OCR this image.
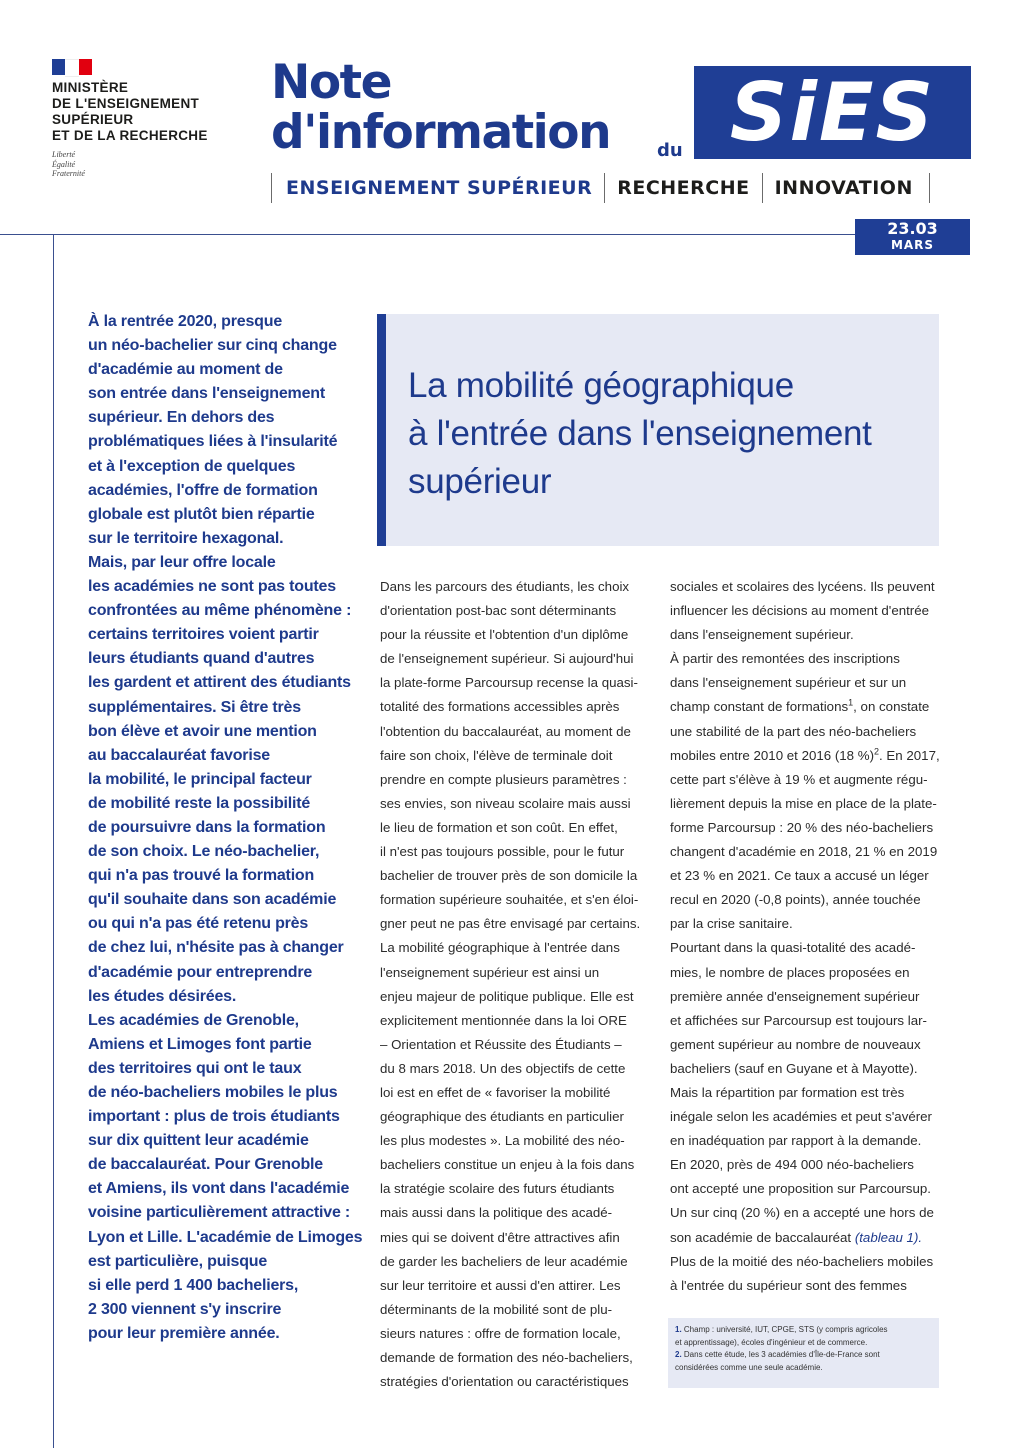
MINISTÈRE
DE L'ENSEIGNEMENT
SUPÉRIEUR
ET DE LA RECHERCHE
Liberté
Égalité
Fraternité
Note
d'information	du SiES
ENSEIGNEMENT SUPÉRIEUR RECHERCHE INNOVATION
23.03
MARS
À la rentrée 2020, presque
un néo-bachelier sur cinq change
d'académie au moment de
son entrée dans l'enseignement
supérieur. En dehors des
problématiques liées à l'insularité
et à l'exception de quelques
académies, l'offre de formation
globale est plutôt bien répartie
sur le territoire hexagonal.
Mais, par leur offre locale
les académies ne sont pas toutes
confrontées au même phénomène :
certains territoires voient partir
leurs étudiants quand d'autres
les gardent et attirent des étudiants
supplémentaires. Si être très
bon élève et avoir une mention
au baccalauréat favorise
la mobilité, le principal facteur
de mobilité reste la possibilité
de poursuivre dans la formation
de son choix. Le néo-bachelier,
qui n'a pas trouvé la formation
qu'il souhaite dans son académie
ou qui n'a pas été retenu près
de chez lui, n'hésite pas à changer
d'académie pour entreprendre
les études désirées.
Les académies de Grenoble,
Amiens et Limoges font partie
des territoires qui ont le taux
de néo-bacheliers mobiles le plus
important : plus de trois étudiants
sur dix quittent leur académie
de baccalauréat. Pour Grenoble
et Amiens, ils vont dans l'académie
voisine particulièrement attractive :
Lyon et Lille. L'académie de Limoges
est particulière, puisque
si elle perd 1 400 bacheliers,
2 300 viennent s'y inscrire
pour leur première année.
La mobilité géographique
à l'entrée dans l'enseignement
supérieur
Dans les parcours des étudiants, les choix
d'orientation post-bac sont déterminants
pour la réussite et l'obtention d'un diplôme
de l'enseignement supérieur. Si aujourd'hui
la plate-forme Parcoursup recense la quasi-
totalité des formations accessibles après
l'obtention du baccalauréat, au moment de
faire son choix, l'élève de terminale doit
prendre en compte plusieurs paramètres :
ses envies, son niveau scolaire mais aussi
le lieu de formation et son coût. En effet,
il n'est pas toujours possible, pour le futur
bachelier de trouver près de son domicile la
formation supérieure souhaitée, et s'en éloi-
gner peut ne pas être envisagé par certains.
La mobilité géographique à l'entrée dans
l'enseignement supérieur est ainsi un
enjeu majeur de politique publique. Elle est
explicitement mentionnée dans la loi ORE
– Orientation et Réussite des Étudiants –
du 8 mars 2018. Un des objectifs de cette
loi est en effet de « favoriser la mobilité
géographique des étudiants en particulier
les plus modestes ». La mobilité des néo-
bacheliers constitue un enjeu à la fois dans
la stratégie scolaire des futurs étudiants
mais aussi dans la politique des acadé-
mies qui se doivent d'être attractives afin
de garder les bacheliers de leur académie
sur leur territoire et aussi d'en attirer. Les
déterminants de la mobilité sont de plu-
sieurs natures : offre de formation locale,
demande de formation des néo-bacheliers,
stratégies d'orientation ou caractéristiques
sociales et scolaires des lycéens. Ils peuvent
influencer les décisions au moment d'entrée
dans l'enseignement supérieur.
À partir des remontées des inscriptions
dans l'enseignement supérieur et sur un
champ constant de formations$^1$, on constate
une stabilité de la part des néo-bacheliers
mobiles entre 2010 et 2016 (18 %)$^2$. En 2017,
cette part s'élève à 19 % et augmente régu-
lièrement depuis la mise en place de la plate-
forme Parcoursup : 20 % des néo-bacheliers
changent d'académie en 2018, 21 % en 2019
et 23 % en 2021. Ce taux a accusé un léger
recul en 2020 (-0,8 points), année touchée
par la crise sanitaire.
Pourtant dans la quasi-totalité des acadé-
mies, le nombre de places proposées en
première année d'enseignement supérieur
et affichées sur Parcoursup est toujours lar-
gement supérieur au nombre de nouveaux
bacheliers (sauf en Guyane et à Mayotte).
Mais la répartition par formation est très
inégale selon les académies et peut s'avérer
en inadéquation par rapport à la demande.
En 2020, près de 494 000 néo-bacheliers
ont accepté une proposition sur Parcoursup.
Un sur cinq (20 %) en a accepté une hors de
son académie de baccalauréat (tableau 1).
Plus de la moitié des néo-bacheliers mobiles
à l'entrée du supérieur sont des femmes
1. Champ : université, IUT, CPGE, STS (y compris agricoles
et apprentissage), écoles d'ingénieur et de commerce.
2. Dans cette étude, les 3 académies d'Île-de-France sont
considérées comme une seule académie.
